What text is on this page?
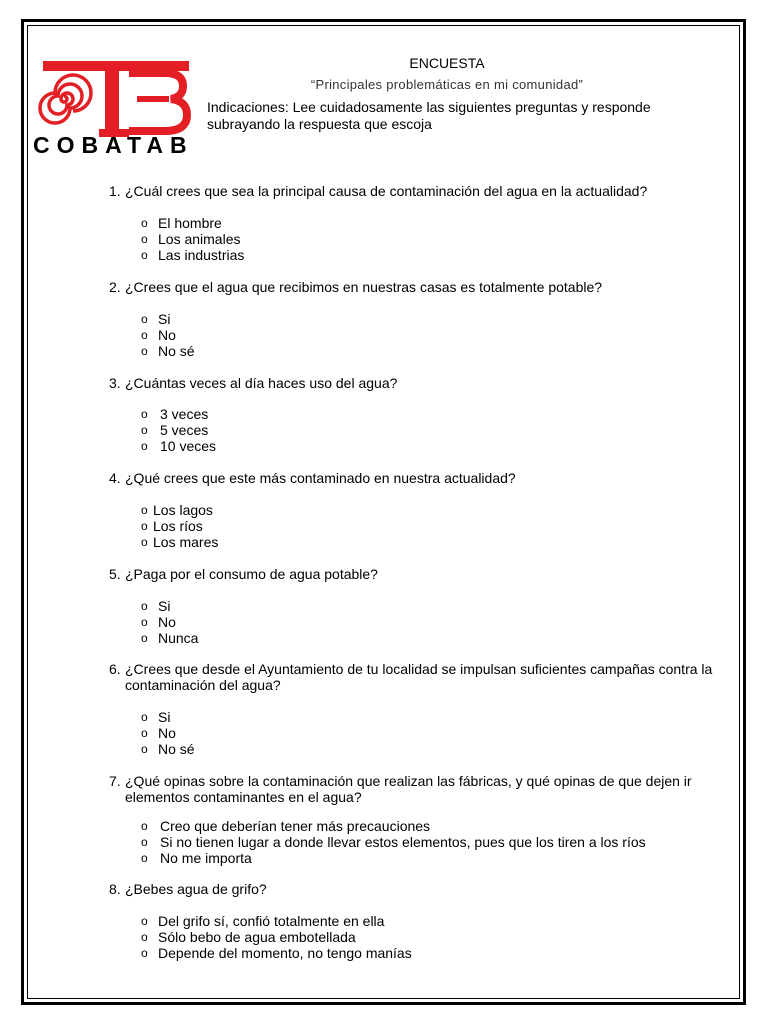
COBATAB
ENCUESTA
“Principales problemáticas en mi comunidad”
Indicaciones: Lee cuidadosamente las siguientes preguntas y responde subrayando la respuesta que escoja
1. ¿Cuál crees que sea la principal causa de contaminación del agua en la actualidad?
o El hombre
o Los animales
o Las industrias
2. ¿Crees que el agua que recibimos en nuestras casas es totalmente potable?
o Si
o No
o No sé
3. ¿Cuántas veces al día haces uso del agua?
o 3 veces
o 5 veces
o 10 veces
4. ¿Qué crees que este más contaminado en nuestra actualidad?
o Los lagos
o Los ríos
o Los mares
5. ¿Paga por el consumo de agua potable?
o Si
o No
o Nunca
6. ¿Crees que desde el Ayuntamiento de tu localidad se impulsan suficientes campañas contra la contaminación del agua?
o Si
o No
o No sé
7. ¿Qué opinas sobre la contaminación que realizan las fábricas, y qué opinas de que dejen ir elementos contaminantes en el agua?
o Creo que deberían tener más precauciones
o Si no tienen lugar a donde llevar estos elementos, pues que los tiren a los ríos
o No me importa
8. ¿Bebes agua de grifo?
o Del grifo sí, confió totalmente en ella
o Sólo bebo de agua embotellada
o Depende del momento, no tengo manías
